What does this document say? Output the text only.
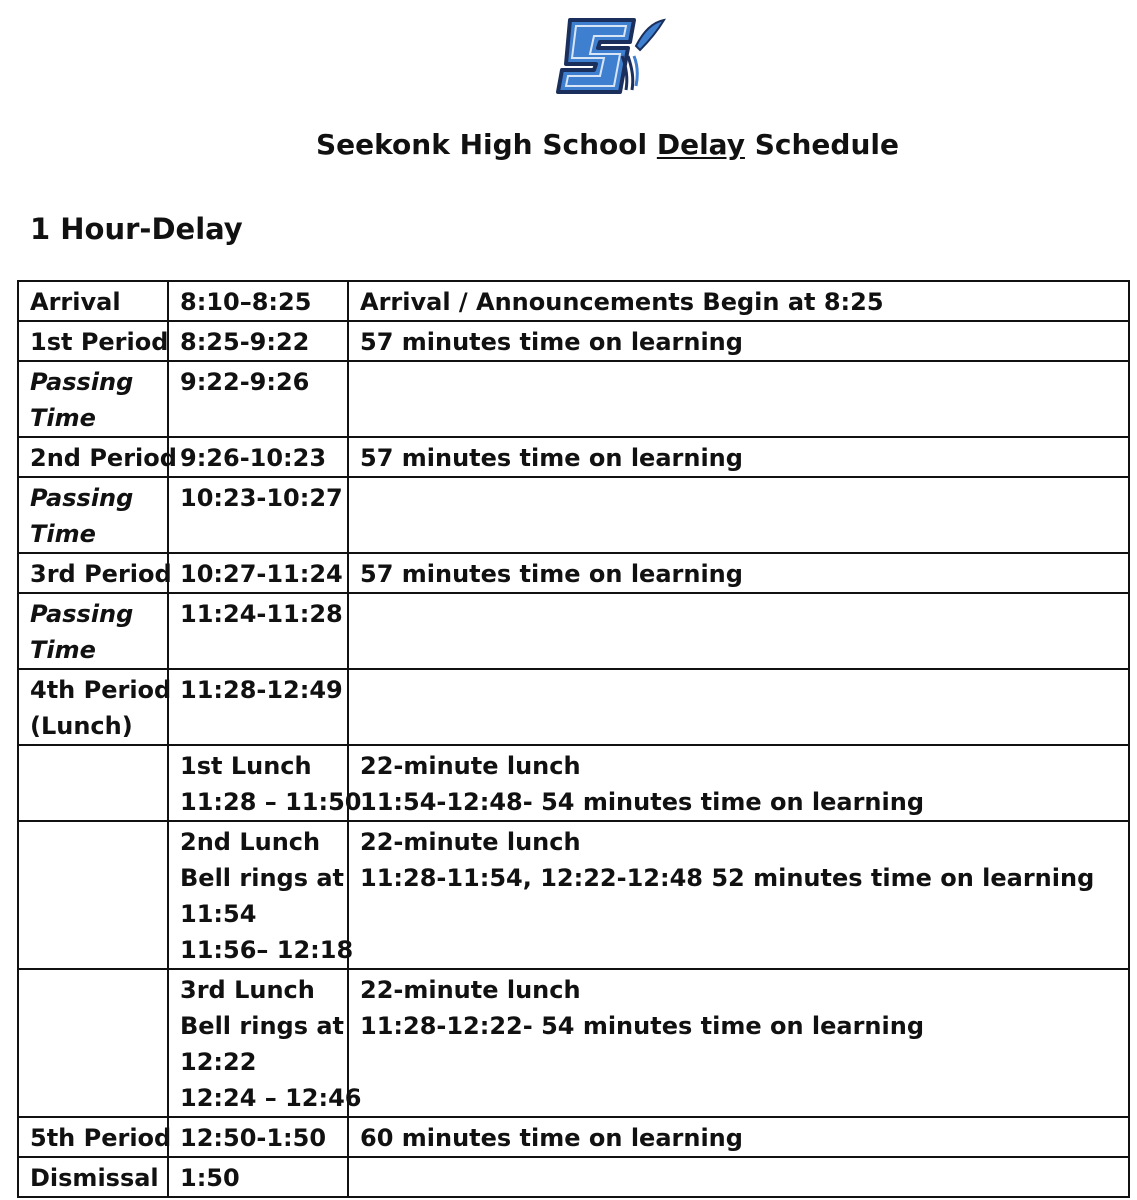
Seekonk High School Delay Schedule
1 Hour-Delay
Arrival	8:10–8:25	Arrival / Announcements Begin at 8:25

1st Period	8:25-9:22	57 minutes time on learning

Passing
Time	9:22-9:26	

2nd Period	9:26-10:23	57 minutes time on learning

Passing
Time	10:23-10:27	

3rd Period	10:27-11:24	57 minutes time on learning

Passing
Time	11:24-11:28	

4th Period
(Lunch)	11:28-12:49	

	1st Lunch
11:28 – 11:50	22-minute lunch
11:54-12:48- 54 minutes time on learning

	2nd Lunch
Bell rings at
11:54
11:56– 12:18	22-minute lunch
11:28-11:54, 12:22-12:48 52 minutes time on learning

	3rd Lunch
Bell rings at
12:22
12:24 – 12:46	22-minute lunch
11:28-12:22- 54 minutes time on learning

5th Period	12:50-1:50	60 minutes time on learning

Dismissal	1:50	
